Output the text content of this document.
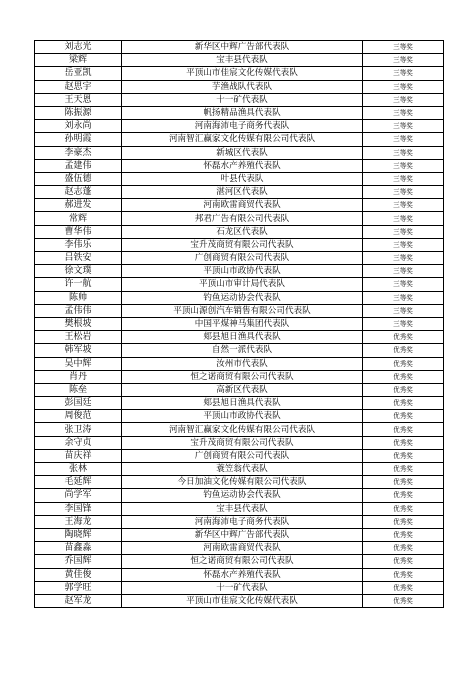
刘志光	新华区中辉广告部代表队	三等奖
梁辉	宝丰县代表队	三等奖
岳亚凯	平顶山市佳宸文化传媒代表队	三等奖
赵思宇	芋渔战队代表队	三等奖
王天恩	十一矿代表队	三等奖
陈振源	帆扬精品渔具代表队	三等奖
刘永尚	河南海沛电子商务代表队	三等奖
孙明霞	河南智汇赢家文化传媒有限公司代表队	三等奖
李豪杰	新城区代表队	三等奖
孟建伟	怀磊水产养殖代表队	三等奖
盛伍德	叶县代表队	三等奖
赵志蓬	湛河区代表队	三等奖
郝进发	河南欧雷商贸代表队	三等奖
常辉	邦君广告有限公司代表队	三等奖
曹华伟	石龙区代表队	三等奖
李伟乐	宝升茂商贸有限公司代表队	三等奖
吕铁安	广创商贸有限公司代表队	三等奖
徐文璞	平顶山市政协代表队	三等奖
许一航	平顶山市审计局代表队	三等奖
陈帅	钓鱼运动协会代表队	三等奖
孟伟伟	平顶山源创汽车销售有限公司代表队	三等奖
樊根坡	中国平煤神马集团代表队	三等奖
王松岩	郏县旭日渔具代表队	优秀奖
韩军坡	自然一派代表队	优秀奖
吴中辉	汝州市代表队	优秀奖
肖丹	恒之诺商贸有限公司代表队	优秀奖
陈垒	高新区代表队	优秀奖
彭国廷	郏县旭日渔具代表队	优秀奖
周俊范	平顶山市政协代表队	优秀奖
张卫涛	河南智汇赢家文化传媒有限公司代表队	优秀奖
余守贞	宝升茂商贸有限公司代表队	优秀奖
苗庆祥	广创商贸有限公司代表队	优秀奖
张林	蓑笠翁代表队	优秀奖
毛延辉	今日加油文化传媒有限公司代表队	优秀奖
尚学军	钓鱼运动协会代表队	优秀奖
李国锋	宝丰县代表队	优秀奖
王海龙	河南海沛电子商务代表队	优秀奖
陶晓辉	新华区中辉广告部代表队	优秀奖
苗鑫淼	河南欧雷商贸代表队	优秀奖
乔国辉	恒之诺商贸有限公司代表队	优秀奖
黄佳俊	怀磊水产养殖代表队	优秀奖
郭学旺	十一矿代表队	优秀奖
赵军龙	平顶山市佳宸文化传媒代表队	优秀奖
